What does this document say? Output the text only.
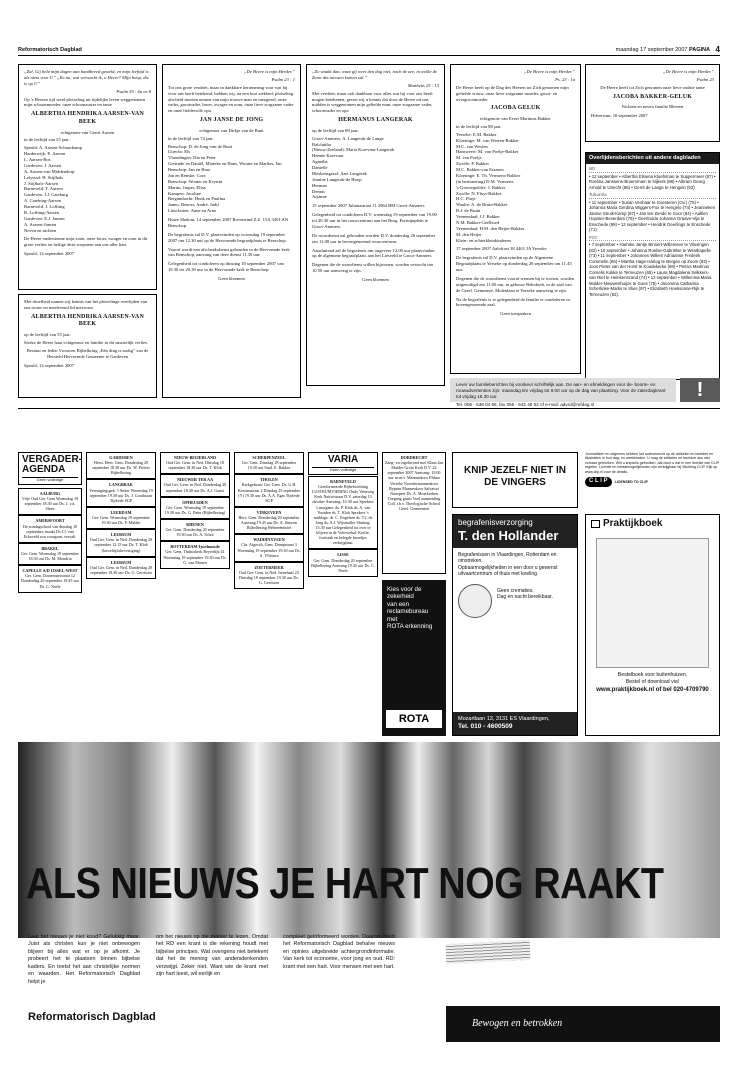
Reformatorisch Dagblad	maandag 17 september 2007 PAGINA 4

„Zal, Gij hebt mijn dagen aan handbreed gesteld, en mijn leeftijd is als niets voor U” „En nu, wat verwacht ik, o Heere? Mijn hoop, die is op U”

Psalm 39 : 6a en 8

Op 's Heeren tijd werd plotseling uit tijdelijke leven weggenomen mijn schoonmoeder, onze schoonzuster en tante

ALBERTHA HENDRIKA AARSEN-VAN BEEK

echtgenote van Gerrit Aarsen

in de leeftijd van 55 jaar.

Speuld: A. Aarsen-Schuurkamp
Harderwijk: E. Aarsen
L. Aarsen-Bos
Gardeven: J. Aarsen
A. Aarsen-van Middendorp
Lelystad: H. Stijfhals
J. Stijfhals-Aarsen
Barneveld: T. Aarsen
Gardeven: J.J. Cateburg
A. Cateburg-Aarsen
Barneveld: J. Loffting
B. Loffting-Aarsen
Gardeven: E.J. Jansen
A. Aarsen-Jansen
Neven en nichten

De Heere ondersteune mijn zoon, onze broer, zwager en oom in dit grote verlies en heilige deze roepstem aan ons aller hart.

Speuld, 14 september 2007

Met droefheid namen wij kennis van het plotselinge overlijden van ons trouw en meelevend lid mevrouw

ALBERTHA HENDRIKA AARSEN-VAN BEEK

op de leeftijd van 55 jaar.

Sterke de Heere haar echtgenoot en familie in dit smartelijk verlies.

Bestuur en leden Vrouwen Bijbelkring „Eén ding is nodig” van de Hersteld Hervormde Gemeente te Gardeven

Speuld, 14 september 2007

„De Heere is mijn Herder.”

Psalm 23 : 1

Tot ons grote verdriet, maar in dankbare herinnering voor wat hij voor ons heeft betekend, hebben wij, na een kort ziekbed, plotseling afscheid moeten nemen van mijn trouwe man en mezgezel, onze vader, grootvader, broer, zwager en oom, onze lieve zorgzame vader en onze liefdevolle opa

JAN JANSE DE JONG

echtgenoot van Dirkje van de Bunt

in de leeftijd van 74 jaar.

Benschop: D. de Jong-van de Bunt
Utrecht: Els
Vlaardingen: Dia en Peter
Gertrude en Daniël, Marieke en Hans, Wouter en Marlies, Jan
Benschop: Jan en Rina
Jan en Renske, Cora
Benschop: Wouter en Krystin
Martin, Jasper, Elisa
Kampen: Jacoline
Bergambacht: Henk en Paulina
Janno, Benoer, André, Judit
Linschoten: Anne en Arno

Huize Shalom, 14 september 2007 Roveneind Z.Z. 15A 3401 AN Benschop

De begrafenis zal D.V. plaatsvinden op woensdag 19 september 2007 om 12.30 uur op de Hervormde begraafplaats te Benschop.

Vooraf wordt een afscheidsdienst gehouden in de Hervormde kerk van Benschop, aanvang van deze dienst 11.30 uur.

Gelegenheid tot condoleren op dinsdag 18 september 2007 van 19.30 tot 20.30 uur in de Hervormde kerk te Benschop.

Geen bloemen

„Zo waakt dan, want gij weet den dag niet, noch de ure, in welke de Zoon des mensen komen zal.”

Mattheüs 25 : 13

Met verdriet, maar ook dankbaar voor alles wat hij voor ons heeft mogen betekenen, geven wij u kennis dat door de Heere uit ons midden is weggenomen mijn geliefde man, onze zorgzame vader, schoonvader en opa

HERMANUS LANGERAK

op de leeftijd van 80 jaar.

Groot-Ammers: A. Langerak-de Lange
Balcluttha
(Nieuw-Zeeland): Maria Korevaar-Langerak
Hennie Korevaar
Agnetha
Danielle
Bleskensgraaf: Aart Langerak
Jeanine Langerak-de Hoop
Herman
Dennis
Arjanne

15 september 2007 Julianastraat 11 2964 BM Groot-Ammers

Gelegenheid tot condoleren D.V. woensdag 19 september van 19.00 tot 20.30 uur in het rouwcentrum aan het Burg. Fortuijnplein te Groot-Ammers.

De rouwdienst zal gehouden worden D.V. donderdag 20 september om 11.00 uur in bovengenoemd rouwcentrum.

Aansluitend zal de begrafenis om ongeveer 12.00 uur plaatsvinden op de algemene begraafplaats aan het Liesveld te Groot-Ammers.

Degenen die de rouwdienst willen bijwonen, worden verzocht om 10.50 uur aanwezig te zijn.

Geen bloemen

„De Heere is mijn Herder.”

Ps. 23 : 1a

De Heere heeft op de Dag des Heeren tot Zich genomen mijn geliefde vrouw, onze lieve zorgzame moeder, groot- en overgrootmoeder

JACOBA GELUK

echtgenote van Evert Martinus Bakker

in de leeftijd van 88 jaar.

Yerseke: E.M. Bakker
Kloetinge: M. van Westen-Bakker
M.C. van Westen
Hansweert: M. van Poelje-Bakker
M. van Poelje
Zwolle: P. Bakker
M.C. Bakker-van Eraasen
Kloetinge: E. Th. Vermeris-Bakker
(in herinnering) D.M. Vermeris
's-Gravenpolder: J. Bakker
Zwolle: N. Fluyt-Bakker
H.C. Fluyt
Waalre: A. de Bruin-Bakker
B.J. de Bruin
Veenendaal: J.J. Bakker
N.M. Bakker-Geelhoed
Veenendaal: H.M. den Heijer-Bakker
M. den Heijer
Klein- en achterkleinkinderen

17 september 2007 Aalofrast 38 4401 JA Yerseke

De begrafenis zal D.V. plaatsvinden op de Algemene Begraafplaats te Yerseke op donderdag 20 september om 11.45 uur.

Degenen die de rouwdienst vooraf wensen bij te wonen, worden uitgenodigd om 11.00 uur, in gebouw Rehoboth, in de zaal van de Geref. Gemeente, Molenlaan te Yerseke aanwezig te zijn.

Na de begrafenis is er gelegenheid de familie te condoleren in bovengenoemde zaal.

Geen toespraken

„De Heere is mijn Herder.”

Psalm 23

De Heere heeft tot Zich genomen onze lieve oudste tante

JACOBA BAKKER-GELUK

Nichten en neven familie Bleeren

Hilversum, 16 september 2007

Overlijdensberichten uit andere dagbladen
ND
• 12 september • Albertha Elsiena Kloefsman te Suppermeer (87) • Roelina Janssens-Broersmam te Nijkerk (88) • Albram Georg Arnold te Utrecht (85) • Gerrit de Lange te Hengelo (52)
Tubantia
• 11 september • Susan Veshaar te Goesteren (Ov.) (75) • Johanna Maria Gerdina Wiggers-Fox te Hengelo (74) • Jeanneken Jannie Struik-Kamp (87) • Jan ten Zende te Goor (84) • Aaltien Hopster-Beverdam (79) • Geertruida Johanna Graave-Vija te Enschede (99) • 12 september • Hendrik Geerlings te Enschede (71).
PZC
• 7 september • Harmke Jantje Binnert-Willemsen te Vlissingen (82) • 10 september • Johanna Roelse-Gabriëlse te Westkapelle (73) • 11 september • Johannes Willem Adriaanse Frederik Commelin (66) • Martha Hage-Hartog te Bergen op Zoom (93) • Joos Pieter van der Horst te Koudekerke (68) • Petrus Martinus Cornelis Kokke te Terneuzen (65) • Laura Magdalena Selkkers-van Riet te Heinkenszand (74) • 12 september • Willemina Maria Mulder-Nieuwenhuijze te Goes (75) • Jacomina Catharina Scherlinke-Marks te Sluis (97) • Elizabeth Hoeksonne-Rijk te Terneuzen (92).
Lever uw familieberichten bij voorkeur schriftelijk aan. De aan- en afmeldingen voor de- boorte- en rouwadvertenties zijn: maandag tim vrijdag tot 9.00 uur op de dag van plaatsing. Voor de zaterdagkrant tot vrijdag 18.30 uur.
Tel. 055 - 539 04 99, fax 055 - 542 48 02 of e-mail: advrd@refdag.nl
!
VERGADER-AGENDA
Geen volledige
AALBURG
Vrije Oud Ger. Gem Woensdag 19 september 18.30 uur Ds. J. v.d. Sleen
AMERSFOORT
De zondagschool van dinsdag 18 september, maakt Ds J.J. van Eckeveld zou voorgaan, vervalt.
BRAKEL
Ger. Gem. Woensdag 19 september 18.30 uur Ds. M. Mondria
CAPELLE A/D IJSSEL-WEST
Ger. Gem. Doornmartstraat 12 Donderdag 20 september 19.45 uur Ds. C. Neele
GARDEREN
Herst. Herv. Gem. Donderdag 20 september 18.30 uur Ds. W. Pieters Bijbellezing
LANGBRAK
Verenigingsgeb. 't Anker Woensdag 19 september 19.30 uur Ds. J. Goudriaan Tijdrede SGP
LEERDAM
Ger. Gem. Woensdag 19 september 19.30 uur Ds. P. Mulder
LEERSUM
Oud Ger. Gem. in Ned. Donderdag 20 september 12.15 uur Ds. T. Klok (boweltijdsbevestiging)
LEERSUM
Oud Ger. Gem. in Ned. Donderdag 20 september 18.30 uur Ds. G. Gerritsen
NIEUW-BEIJERLAND
Oud Ger. Gem. in Ned. Dinsdag 18 september 18.30 uur Ds. T. Klok
NIEUWER TER AA
Oud Ger. Gem. in Ned. Donderdag 20 september 18.40 uur Ds. A.J. Gunst
OPHEUSDEN
Ger. Gem. Woensdag 19 september 19.30 uur Ds. G. Pater (Bijbellezing)
RHENEN
Ger. Gem. Donderdag 20 september 19.30 uur Ds. A. Schot
ROTTERDAM-Ijsselmonde
Ger. Gem. Thaborkerk Reyerdijk 41 Woensdag 19 september 19.30 uur Ds. G. van Manen
SCHERPENZEEL
Ger. Gem. Dinsdag 18 september 19.30 uur Stud. E. Bakker
THOLEN
Kerkgebouw Ger. Gem. Ds. G.H. Kerstenstraat 2 Dinsdag 25 september (!!) 19.30 uur Ds. A.A. Egas Tijdrede SGP
VINKEVEEN
Herv. Gem. Donderdag 20 september Aanvang 19.45 uur Ds. A. Simons Bijbellezing Hebreeënbrief
WADDINXVEEN
Chr. Afgesch. Gem. Dompstraat 3 Woensdag 19 september 19.30 uur Ds. A. Vlietstra
ZOETERMEER
Oud Ger. Gem. in Ned. Irenehaaf 23 Dinsdag 18 september 19.30 uur Ds. G. Gerritsen
VARIA
Geen volledige
BARNEVELD
Gereformeerde Bijbelstichting LUSTRUMVIERING Oude Veenweg Kerk Nairacstraat D.V. zaterdag 13 oktober Aanvang: 10.30 uur Sprekers 's morgens: ds. P. Klok ds. A. van Voorden ds. T. Klok Sprekers 's middags: ds. C. Engelsen ds. T.J. de Jong ds. A.J. Wijsmuller Sluiting: 15.30 uur Gelegenheid tot over te blijven in de Voltewehal. Koffie, fruitsink en belegde broodjes verkrijgbaar.
LISSE
Ger. Gem. Donderdag 20 september Bijbellezing Aanvang 19.45 uur Ds. C. Neele
DORDRECHT
Zang- en orgelavond met Klaas Jan Mulder Grote Kerk D.V. 22 september 2007 Aanvang: 19.00 uur m.m.v. Mannenkoor Elthan Verseke Noordermannenkoor Bypsen Mannenkoor Salvatori Nunspeet Ds. A. Moerkerken Toegang gratis Voel aanmeiding Coll. t.b.v. Theologische School Geref. Gemeenten
Kies voor de
zekerheid
van een
reclamebureau
met
ROTA erkenning
ROTA
KNIP JEZELF NIET IN DE VINGERS

Journalisten en uitgevers hebben het auteursrecht op de artikelen en beelden en illustraties in hun dag- en weekbladen. U mag de artikelen en beelden dus niet zomaar gebruiken. Wilt u knipsels gebruiken, dan kunt u dat in een licentie van CLIP regelen. Licentie en betaalmogelijkheden zijn verkrijgbaar bij Stichting CLIP. Kijk op www.clip.nl voor de details.

C L I P	LICENSED TO CLIP
begrafenisverzorging
T. den Hollander

Begrafenissen in Vlaardingen, Rotterdam en omstreken.

Opbaarmogelijkheden in een door u gewenst uitvaartcentrum of thuis met koeling.

Geen crematies.

Dag en nacht bereikbaar.

Mozartlaan 13, 3131 ES Vlaardingen,
Tel. 010 - 4600509
Praktijkboek

Bestelboek voor buitenhuizen.

Bestel of download via!

www.praktijkboek.nl of bel 020-4709790

ALS NIEUWS JE HART NOG RAAKT
Laat het nieuws je niet koud? Gelukkig maar. Juist als christen kun je niet onbewogen blijven bij alles wat er op je afkomt. Je probeert het te plaatsen binnen bijbelse kaders. En toetst het aan christelijke normen en waarden. Het Reformatorisch Dagblad helpt je
om het nieuws op die manier te lezen. Omdat het RD een krant is die rekening houdt met bijbelse principes. Wat overigens niet betekent dat het de mening van andersdenkenden verzwijgt. Zeker niet. Want wie de krant met zijn hart leest, wil eerlijk en
compleet geïnformeerd worden. Daarom biedt het Reformatorisch Dagblad behalve nieuws en opinies uitgebreide achtergrondinformatie. Van kerk tot economie, voor jong en oud. RD: krant met een hart. Voor mensen met een hart.
Reformatorisch Dagblad
Bewogen en betrokken
